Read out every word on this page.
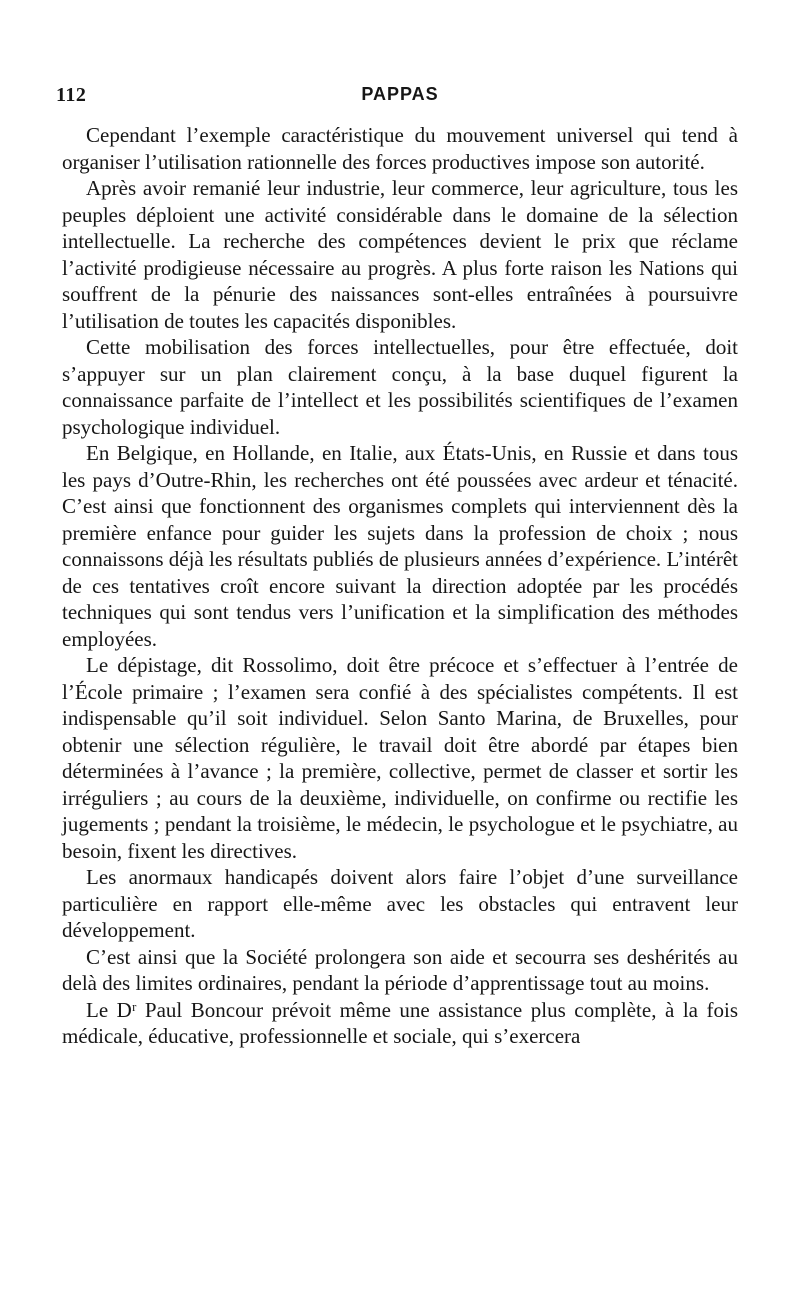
112	PAPPAS

Cependant l’exemple caractéristique du mouvement universel qui tend à organiser l’utilisation rationnelle des forces productives impose son autorité.

Après avoir remanié leur industrie, leur commerce, leur agriculture, tous les peuples déploient une activité considérable dans le domaine de la sélection intellectuelle. La recherche des compétences devient le prix que réclame l’activité prodigieuse nécessaire au progrès. A plus forte raison les Nations qui souffrent de la pénurie des naissances sont-elles entraînées à poursuivre l’utilisation de toutes les capacités disponibles.

Cette mobilisation des forces intellectuelles, pour être effectuée, doit s’appuyer sur un plan clairement conçu, à la base duquel figurent la connaissance parfaite de l’intellect et les possibilités scientifiques de l’examen psychologique individuel.

En Belgique, en Hollande, en Italie, aux États-Unis, en Russie et dans tous les pays d’Outre-Rhin, les recherches ont été poussées avec ardeur et ténacité. C’est ainsi que fonctionnent des organismes complets qui interviennent dès la première enfance pour guider les sujets dans la profession de choix ; nous connaissons déjà les résultats publiés de plusieurs années d’expérience. L’intérêt de ces tentatives croît encore suivant la direction adoptée par les procédés techniques qui sont tendus vers l’unification et la simplification des méthodes employées.

Le dépistage, dit Rossolimo, doit être précoce et s’effectuer à l’entrée de l’École primaire ; l’examen sera confié à des spécialistes compétents. Il est indispensable qu’il soit individuel. Selon Santo Marina, de Bruxelles, pour obtenir une sélection régulière, le travail doit être abordé par étapes bien déterminées à l’avance ; la première, collective, permet de classer et sortir les irréguliers ; au cours de la deuxième, individuelle, on confirme ou rectifie les jugements ; pendant la troisième, le médecin, le psychologue et le psychiatre, au besoin, fixent les directives.

Les anormaux handicapés doivent alors faire l’objet d’une surveillance particulière en rapport elle-même avec les obstacles qui entravent leur développement.

C’est ainsi que la Société prolongera son aide et secourra ses deshérités au delà des limites ordinaires, pendant la période d’apprentissage tout au moins.

Le Dʳ Paul Boncour prévoit même une assistance plus complète, à la fois médicale, éducative, professionnelle et sociale, qui s’exercera
